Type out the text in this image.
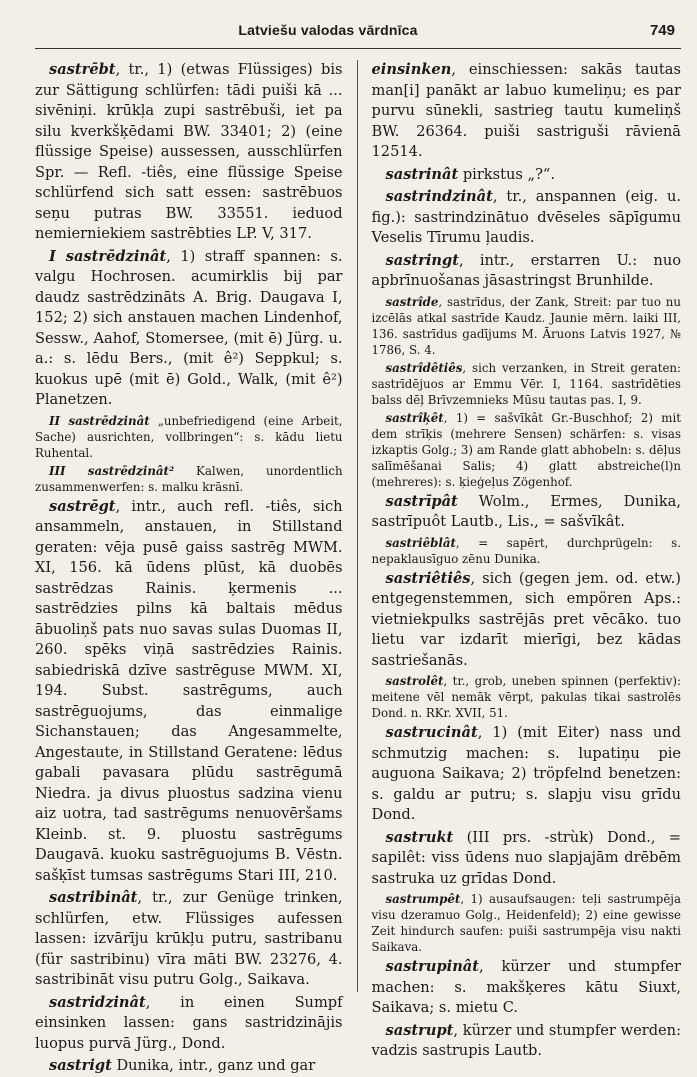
Latviešu valodas vārdnīca	749

sastrēbt, tr., 1) (etwas Flüssiges) bis zur Sättigung schlürfen: tādi puiši kā ... sivēniņi. krūkļa zupi sastrēbuši, iet pa silu kverkšķēdami BW. 33401; 2) (eine flüssige Speise) aussessen, ausschlürfen Spr. — Refl. -tiês, eine flüssige Speise schlürfend sich satt essen: sastrēbuos seņu putras BW. 33551. ieduod nemierniekiem sastrēbties LP. V, 317.

I sastrēdzinât, 1) straff spannen: s. valgu Hochrosen. acumirklis bij par daudz sastrēdzināts A. Brig. Daugava I, 152; 2) sich anstauen machen Lindenhof, Sessw., Aahof, Stomersee, (mit ē) Jürg. u. a.: s. lēdu Bers., (mit ê²) Seppkul; s. kuokus upē (mit ē) Gold., Walk, (mit ê²) Planetzen.

II sastrēdzinât „unbefriedigend (eine Arbeit, Sache) ausrichten, vollbringen“: s. kādu lietu Ruhental.

III sastrēdzinât² Kalwen, unordentlich zusammenwerfen: s. malku krāsnī.

sastrēgt, intr., auch refl. -tiês, sich ansammeln, anstauen, in Stillstand geraten: vēja pusē gaiss sastrēg MWM. XI, 156. kā ūdens plūst, kā duobēs sastrēdzas Rainis. ķermenis ... sastrēdzies pilns kā baltais mēdus ābuoliņš pats nuo savas sulas Duomas II, 260. spēks viņā sastrēdzies Rainis. sabiedriskā dzīve sastrēguse MWM. XI, 194. Subst. sastrēgums, auch sastrēguojums, das einmalige Sichanstauen; das Angesammelte, Angestaute, in Stillstand Geratene: lēdus gabali pavasara plūdu sastrēgumā Niedra. ja divus pluostus sadzina vienu aiz uotra, tad sastrēgums nenuovēršams Kleinb. st. 9. pluostu sastrēgums Daugavā. kuoku sastrēguojums B. Vēstn. sašķīst tumsas sastrēgums Stari III, 210.

sastribinât, tr., zur Genüge trinken, schlürfen, etw. Flüssiges aufessen lassen: izvārīju krūkļu putru, sastribanu (für sastribinu) vīra māti BW. 23276, 4. sastribināt visu putru Golg., Saikava.

sastridzinât, in einen Sumpf einsinken lassen: gans sastridzinājis luopus purvā Jürg., Dond.

sastrigt Dunika, intr., ganz und gar

einsinken, einschiessen: sakās tautas man[i] panākt ar labuo kumeliņu; es par purvu sūnekli, sastrieg tautu kumeliņš BW. 26364. puiši sastriguši rāvienā 12514.

sastrinât pirkstus „?“.

sastrindzinât, tr., anspannen (eig. u. fig.): sastrindzinātuo dvēseles sāpīgumu Veselis Tīrumu ļaudis.

sastringt, intr., erstarren U.: nuo apbrīnuošanas jāsastringst Brunhilde.

sastrîde, sastrīdus, der Zank, Streit: par tuo nu izcēlās atkal sastrīde Kaudz. Jaunie mērn. laiki III, 136. sastrīdus gadījums M. Āruons Latvis 1927, № 1786, S. 4.

sastrîdêtiês, sich verzanken, in Streit geraten: sastrīdējuos ar Emmu Vēr. I, 1164. sastrīdēties balss dēļ Brīvzemnieks Mūsu tautas pas. I, 9.

sastrîķêt, 1) = sašvīkât Gr.-Buschhof; 2) mit dem strīķis (mehrere Sensen) schärfen: s. visas izkaptis Golg.; 3) am Rande glatt abhobeln: s. dēļus salīmēšanai Salis; 4) glatt abstreiche(l)n (mehreres): s. ķieģeļus Zögenhof.

sastrīpât Wolm., Ermes, Dunika, sastrīpuôt Lautb., Lis., = sašvīkât.

sastriêblât, = sapērt, durchprügeln: s. nepaklausīguo zēnu Dunika.

sastriêtiês, sich (gegen jem. od. etw.) entgegenstemmen, sich empören Aps.: vietniekpulks sastrējās pret vēcāko. tuo lietu var izdarīt mierīgi, bez kādas sastriešanās.

sastrolêt, tr., grob, uneben spinnen (perfektiv): meitene vēl nemāk vērpt, pakulas tikai sastrolēs Dond. n. RKr. XVII, 51.

sastrucinât, 1) (mit Eiter) nass und schmutzig machen: s. lupatiņu pie auguona Saikava; 2) tröpfelnd benetzen: s. galdu ar putru; s. slapju visu grīdu Dond.

sastrukt (III prs. -strùk) Dond., = sapilêt: viss ūdens nuo slapjajām drēbēm sastruka uz grīdas Dond.

sastrumpêt, 1) ausaufsaugen: teļi sastrumpēja visu dzeramuo Golg., Heidenfeld); 2) eine gewisse Zeit hindurch saufen: puiši sastrumpēja visu nakti Saikava.

sastrupinât, kürzer und stumpfer machen: s. makšķeres kātu Siuxt, Saikava; s. mietu C.

sastrupt, kürzer und stumpfer werden: vadzis sastrupis Lautb.
